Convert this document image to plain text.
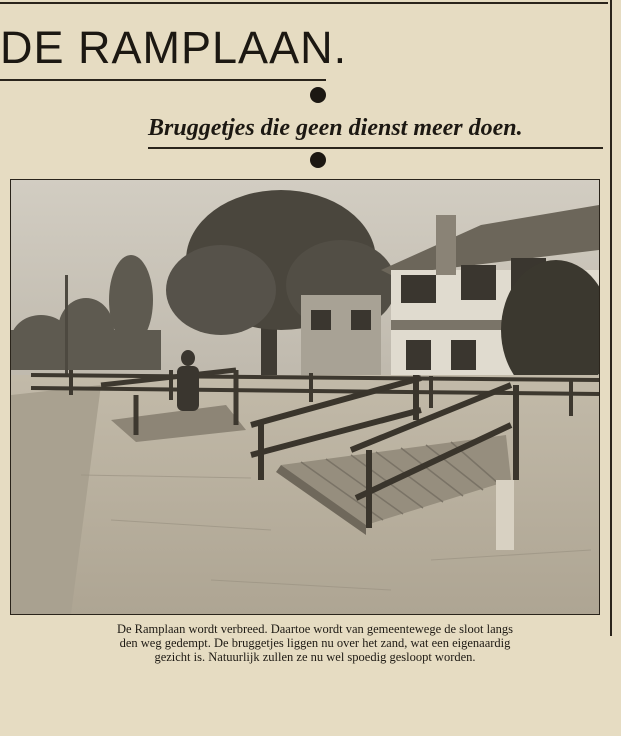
DE RAMPLAAN.
Bruggetjes die geen dienst meer doen.
De Ramplaan wordt verbreed. Daartoe wordt van gemeentewege de sloot langs
den weg gedempt. De bruggetjes liggen nu over het zand, wat een eigenaardig
gezicht is. Natuurlijk zullen ze nu wel spoedig gesloopt worden.
